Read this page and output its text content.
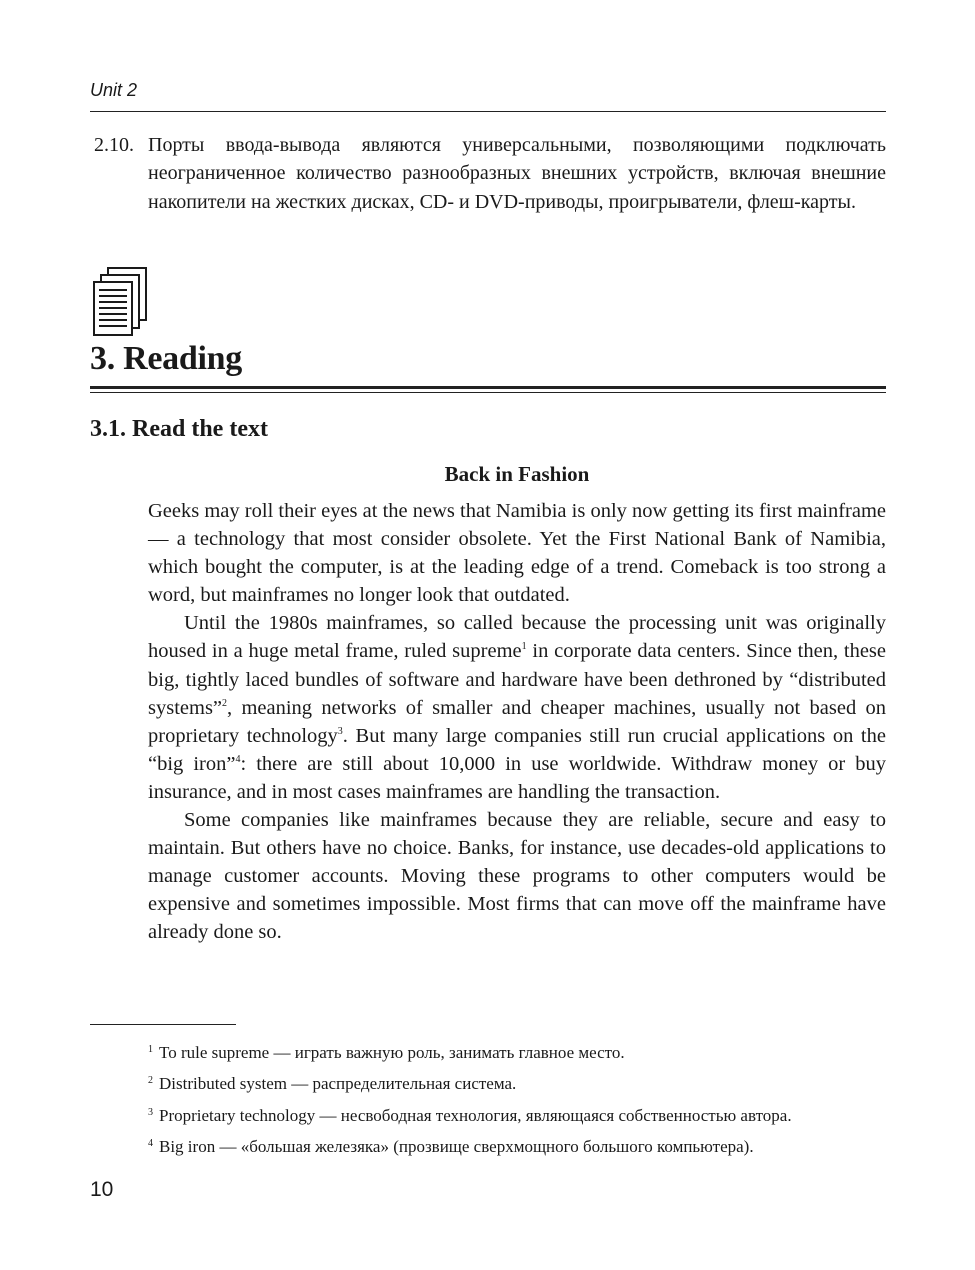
Unit 2
2.10. Порты ввода-вывода являются универсальными, позволяющими подключать неограниченное количество разнообразных внешних устройств, включая внешние накопители на жестких дисках, CD- и DVD-приводы, проигрыватели, флеш-карты.
3. Reading
3.1. Read the text
Back in Fashion

Geeks may roll their eyes at the news that Namibia is only now getting its first mainframe — a technology that most consider obsolete. Yet the First National Bank of Namibia, which bought the computer, is at the leading edge of a trend. Comeback is too strong a word, but mainframes no longer look that outdated.

Until the 1980s mainframes, so called because the processing unit was originally housed in a huge metal frame, ruled supreme$^1$ in corporate data centers. Since then, these big, tightly laced bundles of software and hardware have been dethroned by “distributed systems”$^2$, meaning networks of smaller and cheaper machines, usually not based on proprietary technology$^3$. But many large companies still run crucial applications on the “big iron”$^4$: there are still about 10,000 in use worldwide. Withdraw money or buy insurance, and in most cases mainframes are handling the transaction.

Some companies like mainframes because they are reliable, secure and easy to maintain. But others have no choice. Banks, for instance, use decades-old applications to manage customer accounts. Moving these programs to other computers would be expensive and sometimes impossible. Most firms that can move off the mainframe have already done so.

$^1$ To rule supreme — играть важную роль, занимать главное место.
$^2$ Distributed system — распределительная система.
$^3$ Proprietary technology — несвободная технология, являющаяся собственностью автора.
$^4$ Big iron — «большая железяка» (прозвище сверхмощного большого компьютера).
10
